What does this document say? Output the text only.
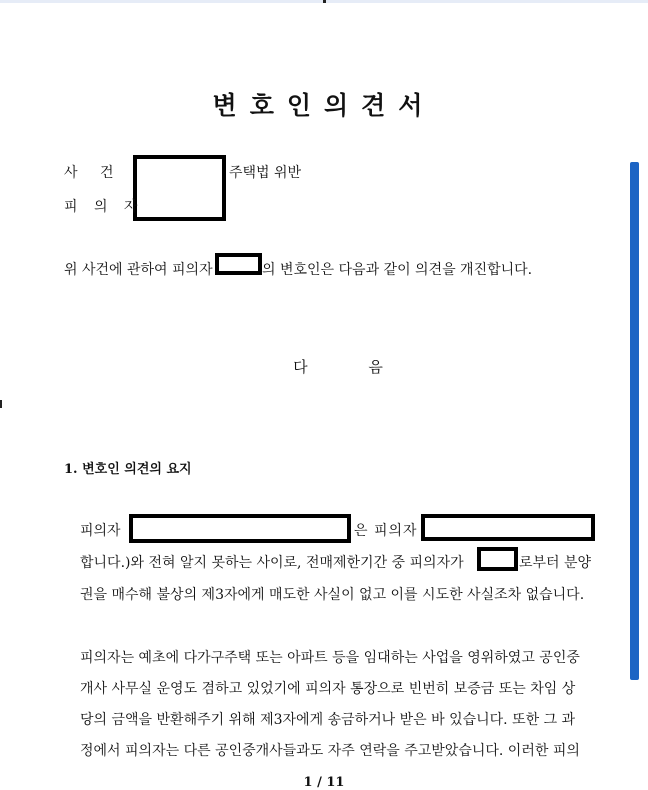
변호인의견서
사 건	주택법 위반
피 의 자
위 사건에 관하여 피의자	의 변호인은 다음과 같이 의견을 개진합니다.
다 음
1. 변호인 의견의 요지
피의자	은 피의자
합니다.)와 전혀 알지 못하는 사이로, 전매제한기간 중 피의자가	로부터 분양
권을 매수해 불상의 제3자에게 매도한 사실이 없고 이를 시도한 사실조차 없습니다.
피의자는 예초에 다가구주택 또는 아파트 등을 임대하는 사업을 영위하였고 공인중
개사 사무실 운영도 겸하고 있었기에 피의자 통장으로 빈번히 보증금 또는 차임 상
당의 금액을 반환해주기 위해 제3자에게 송금하거나 받은 바 있습니다. 또한 그 과
정에서 피의자는 다른 공인중개사들과도 자주 연락을 주고받았습니다. 이러한 피의
1 / 11
